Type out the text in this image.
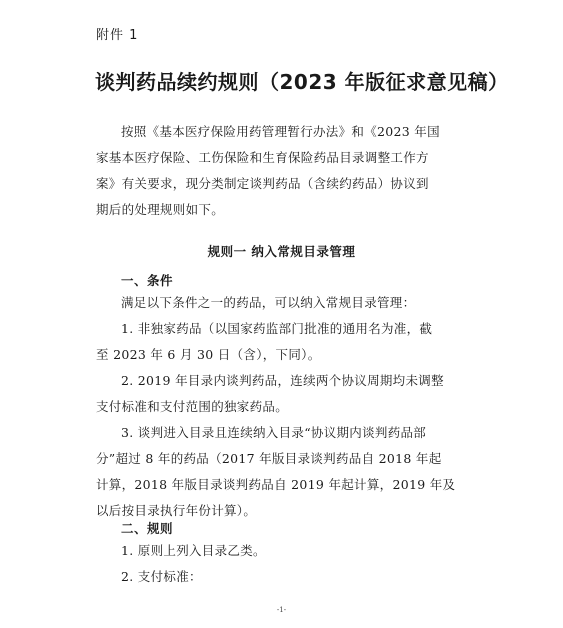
附件 1
谈判药品续约规则（2023 年版征求意见稿）
按照《基本医疗保险用药管理暂行办法》和《2023 年国
家基本医疗保险、工伤保险和生育保险药品目录调整工作方
案》有关要求，现分类制定谈判药品（含续约药品）协议到
期后的处理规则如下。
规则一 纳入常规目录管理
一、条件
满足以下条件之一的药品，可以纳入常规目录管理：
1. 非独家药品（以国家药监部门批准的通用名为准，截
至 2023 年 6 月 30 日（含），下同）。
2. 2019 年目录内谈判药品，连续两个协议周期均未调整
支付标准和支付范围的独家药品。
3. 谈判进入目录且连续纳入目录“协议期内谈判药品部
分”超过 8 年的药品（2017 年版目录谈判药品自 2018 年起
计算，2018 年版目录谈判药品自 2019 年起计算，2019 年及
以后按目录执行年份计算）。
二、规则
1. 原则上列入目录乙类。
2. 支付标准：
-1-
